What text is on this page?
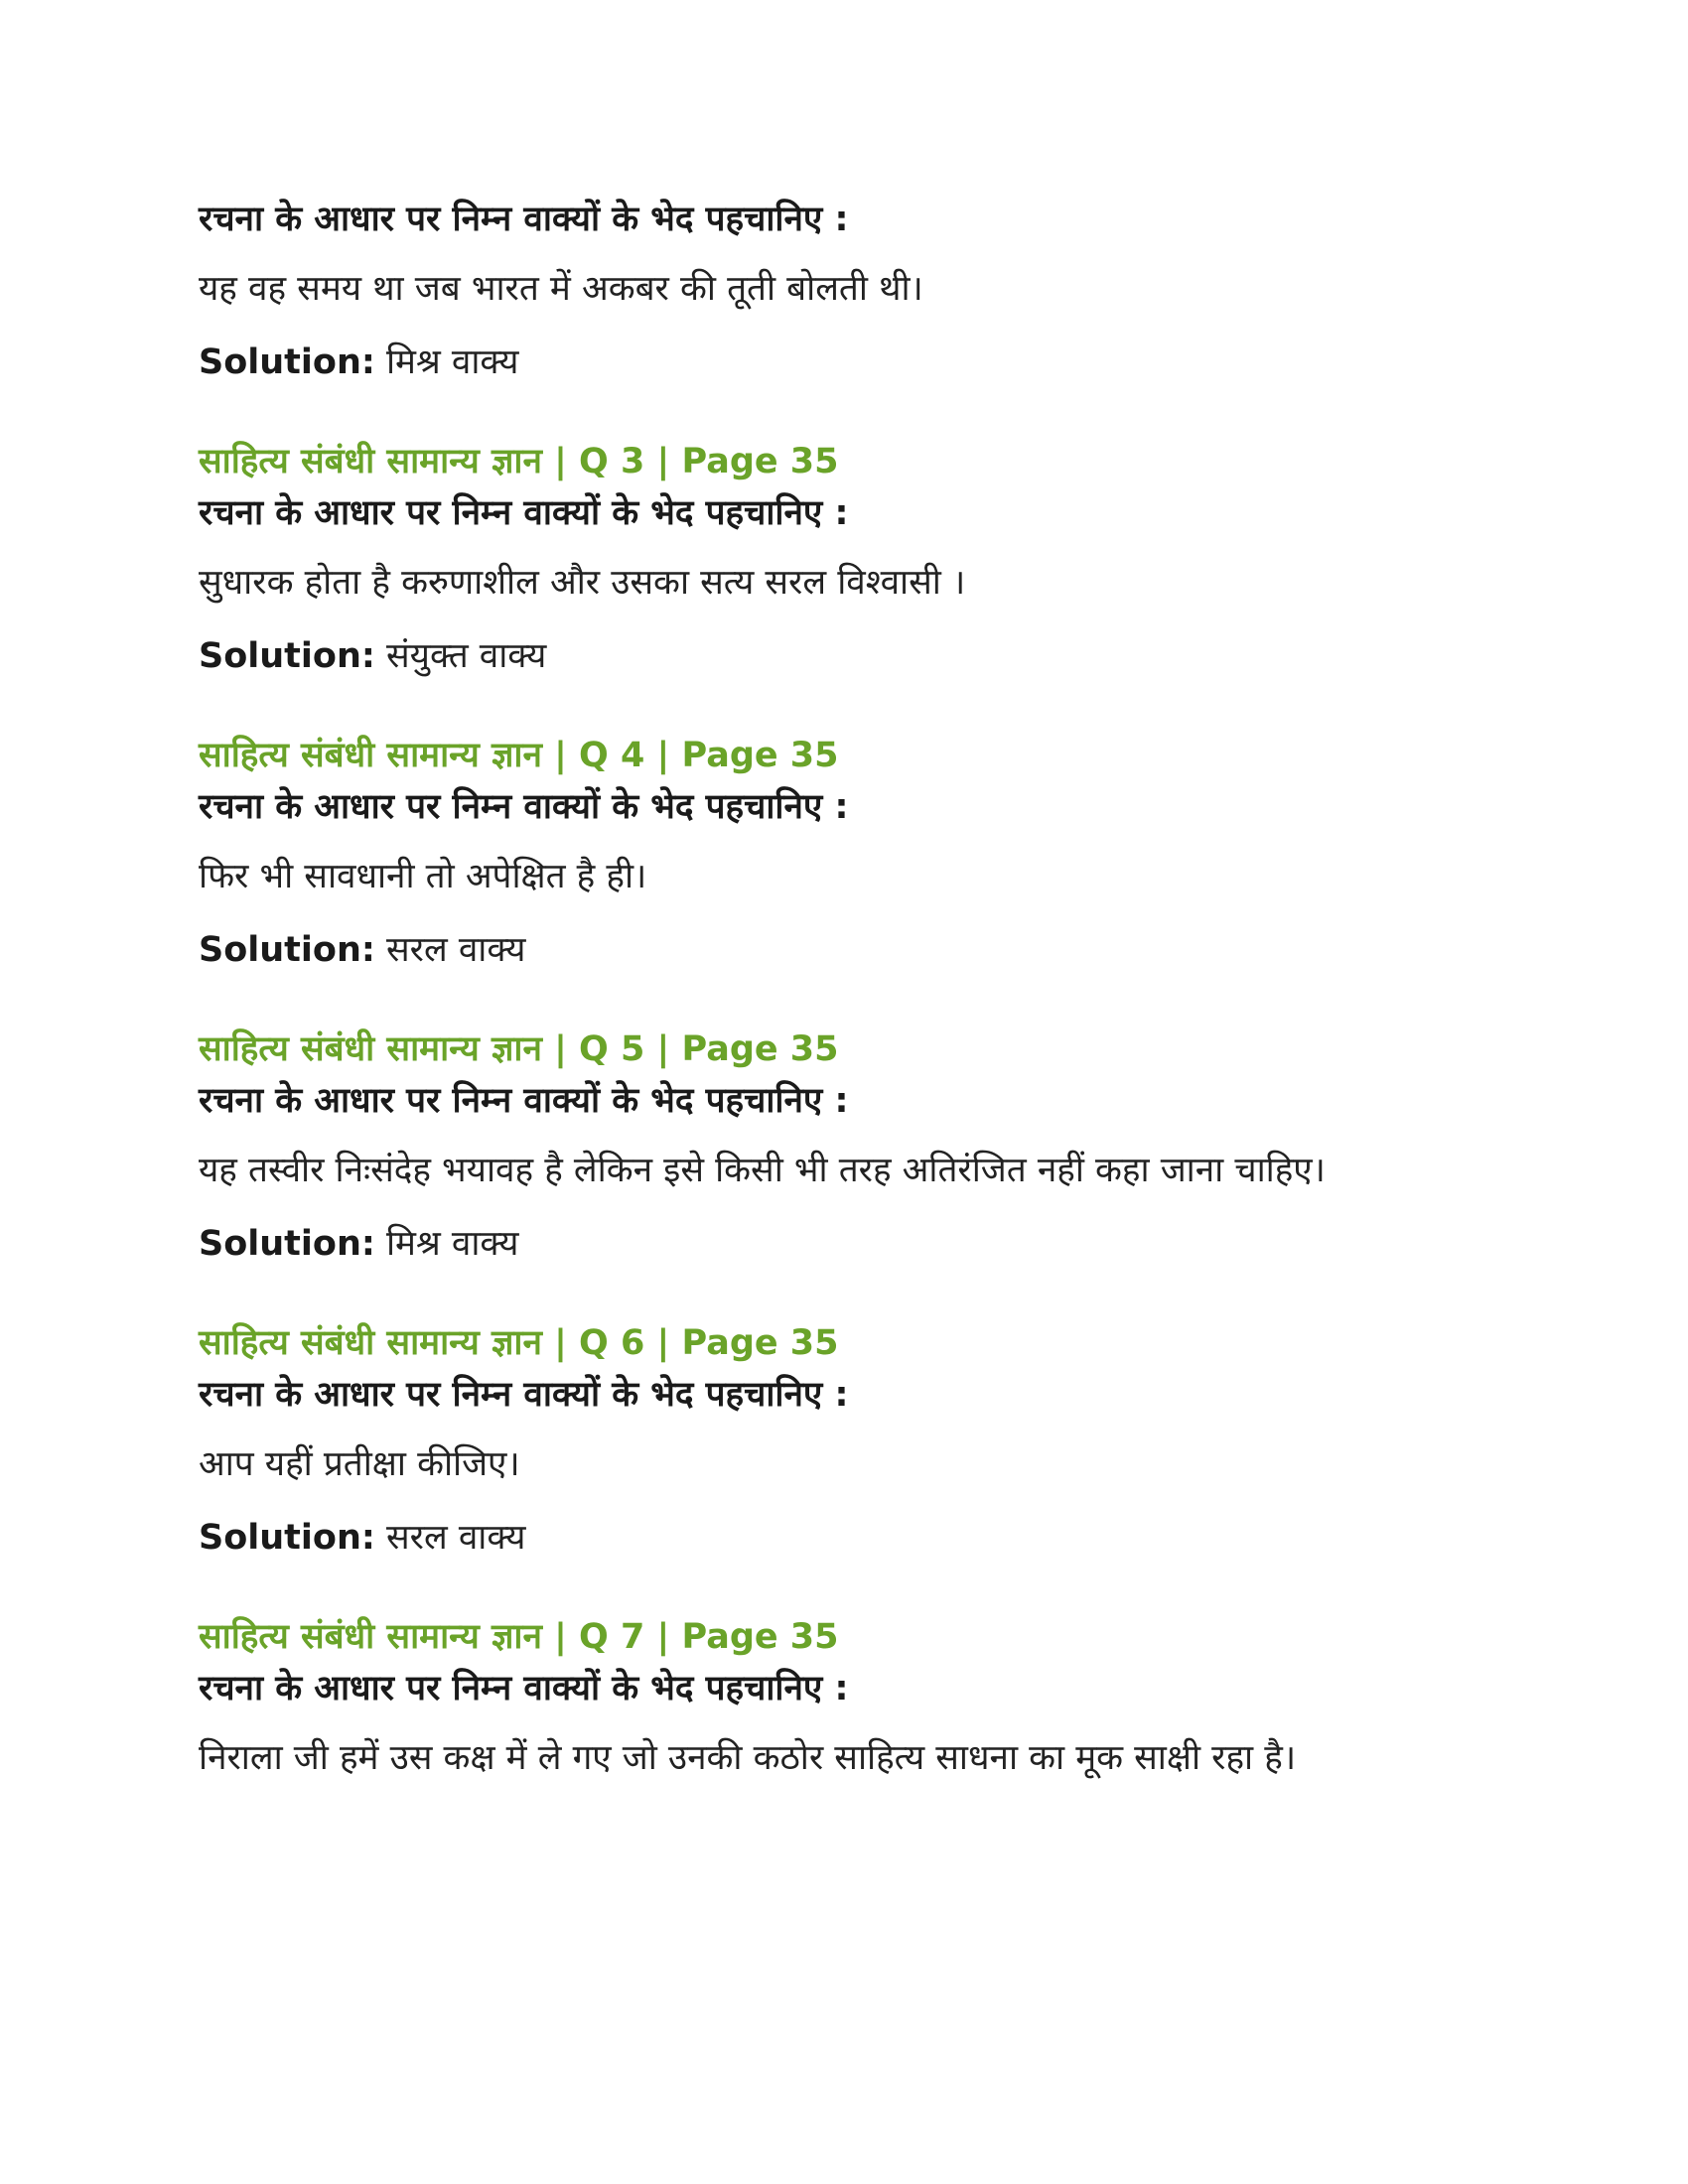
रचना के आधार पर निम्न वाक्यों के भेद पहचानिए :
यह वह समय था जब भारत में अकबर की तूती बोलती थी।
Solution: मिश्र वाक्य
साहित्य संबंधी सामान्य ज्ञान | Q 3 | Page 35
रचना के आधार पर निम्न वाक्यों के भेद पहचानिए :
सुधारक होता है करुणाशील और उसका सत्य सरल विश्वासी ।
Solution: संयुक्त वाक्य
साहित्य संबंधी सामान्य ज्ञान | Q 4 | Page 35
रचना के आधार पर निम्न वाक्यों के भेद पहचानिए :
फिर भी सावधानी तो अपेक्षित है ही।
Solution: सरल वाक्य
साहित्य संबंधी सामान्य ज्ञान | Q 5 | Page 35
रचना के आधार पर निम्न वाक्यों के भेद पहचानिए :
यह तस्वीर निःसंदेह भयावह है लेकिन इसे किसी भी तरह अतिरंजित नहीं कहा जाना चाहिए।
Solution: मिश्र वाक्य
साहित्य संबंधी सामान्य ज्ञान | Q 6 | Page 35
रचना के आधार पर निम्न वाक्यों के भेद पहचानिए :
आप यहीं प्रतीक्षा कीजिए।
Solution: सरल वाक्य
साहित्य संबंधी सामान्य ज्ञान | Q 7 | Page 35
रचना के आधार पर निम्न वाक्यों के भेद पहचानिए :
निराला जी हमें उस कक्ष में ले गए जो उनकी कठोर साहित्य साधना का मूक साक्षी रहा है।
